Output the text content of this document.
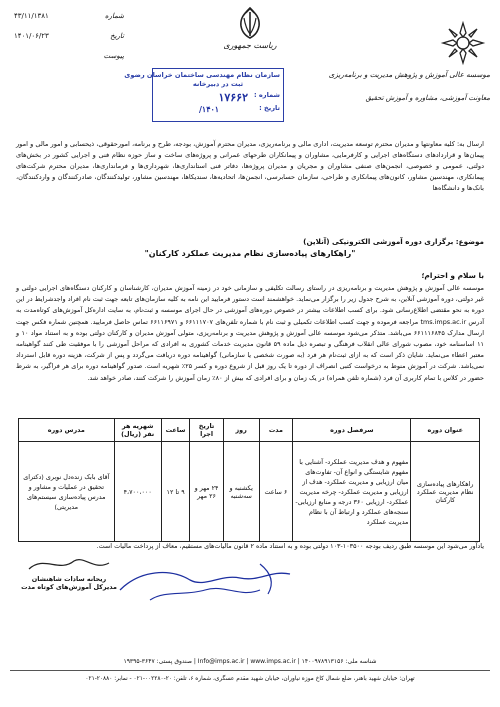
شماره
۴۳/۱۱/۱۳۸۱
تاریخ
۱۴۰۱/۰۶/۲۳
پیوست
ریاست جمهوری
موسسه عالی آموزش و پژوهش مدیریت و برنامه‌ریزی
معاونت آموزشی، مشاوره و آموزش تحقیق
سازمان نظام مهندسی ساختمان خراسان رضوی
ثبت در دبیرخانه
شماره :
۱۷۶۶۲
تاریخ :
۱۴۰۱/
ارسال به: کلیه معاونتها و مدیران محترم توسعه مدیریت، اداری مالی و برنامه‌ریزی، مدیران محترم آموزش، بودجه، طرح و برنامه، امورحقوقی، ذیحسابی و امور مالی و امور پیمان‌ها و قراردادهای دستگاه‌های اجرایی و کارفرمایی، مشاوران و پیمانکاران طرحهای عمرانی و پروژه‌های ساخت و ساز حوزه نظام فنی و اجرایی کشور در بخش‌های دولتی، عمومی و خصوصی، انجمن‌های صنفی مشاوران و مجریان و مدیران پروژه‌ها، دفاتر فنی استانداری‌ها، شهرداری‌ها و فرمانداری‌ها، مدیران محترم شرکت‌های پیمانکاری، مهندسین مشاور، کانون‌های پیمانکاری و طراحی، سازمان حسابرسی، انجمن‌ها، اتحادیه‌ها، سندیکاها، مهندسین مشاور، تولیدکنندگان، صادرکنندگان و واردکنندگان، بانک‌ها و دانشگاه‌ها
موضوع: برگزاری دوره آموزشی الکترونیکی (آنلاین)
"راهکارهای پیاده‌سازی نظام مدیریت عملکرد کارکنان"
با سلام و احترام؛
موسسه عالی آموزش و پژوهش مدیریت و برنامه‌ریزی در راستای رسالت تکلیفی و سازمانی خود در زمینه آموزش مدیران، کارشناسان و کارکنان دستگاه‌های اجرایی دولتی و غیر دولتی، دوره آموزشی آنلاین، به شرح جدول زیر را برگزار می‌نماید. خواهشمند است دستور فرمایید این نامه به کلیه سازمان‌های تابعه جهت ثبت نام افراد واجدشرایط در این دوره به نحو مقتضی اطلاع‌رسانی شود. برای کسب اطلاعات بیشتر در خصوص دوره‌های آموزشی در حال اجرای موسسه و ثبت‌نام، به سایت اداره‌کل آموزش‌های کوتاه‌مدت به آدرس tms.imps.ac.ir مراجعه فرموده و جهت کسب اطلاعات تکمیلی و ثبت نام با شماره تلفن‌های ۶۶۱۱۱۷۰۷ و ۶۶۱۱۶۹۷۱ تماس حاصل فرمایید. همچنین شماره فکس جهت ارسال مدارک ۶۶۱۱۱۶۸۴۵ می‌باشد. متذکر می‌شود موسسه عالی آموزش و پژوهش مدیریت و برنامه‌ریزی، متولی آموزش مدیران و کارکنان دولتی بوده و به استناد مواد ۱۰ و ۱۱ اساسنامه خود، مصوب شورای عالی انقلاب فرهنگی و تبصره ذیل ماده ۵۹ قانون مدیریت خدمات کشوری به افرادی که مراحل آموزشی را با موفقیت طی کنند گواهینامه معتبر اعطاء می‌نماید. شایان ذکر است که به ازای ثبت‌نام هر فرد (به صورت شخصی یا سازمانی) گواهینامه دوره دریافت می‌گردد و پس از شرکت، هزینه دوره قابل استرداد نمی‌باشد. شرکت در آموزش منوط به درخواست کتبی انصراف از دوره تا یک روز قبل از شروع دوره و کسر ۲۵٪ شهریه است. صدور گواهینامه دوره برای هر فراگیر، به شرط حضور در کلاس با تمام کاربری آن فرد (شماره تلفن همراه) در یک زمان و برای افرادی که بیش از ۸۰٪ زمان آموزش را شرکت کنند، صادر خواهد شد.
عنوان دوره	سرفصل دوره	مدت	روز	تاریخ اجرا	ساعت	شهریه هر نفر (ریال)	مدرس دوره
راهکارهای پیاده‌سازی نظام مدیریت عملکرد کارکنان	مفهوم و هدف مدیریت عملکرد- آشنایی با مفهوم شایستگی و انواع آن- تفاوت‌های میان ارزیابی و مدیریت عملکرد- هدف از ارزیابی و مدیریت عملکرد- چرخه مدیریت عملکرد- ارزیابی ۳۶۰ درجه و منابع ارزیابی- سنجه‌های عملکرد و ارتباط آن با نظام مدیریت عملکرد	۶ ساعت	یکشنبه و سه‌شنبه	۲۴ مهر و ۲۶ مهر	۹ تا ۱۲	۴،۷۰۰،۰۰۰	آقای بابک زنده‌دل نوبری (دکترای تحقیق در عملیات و مشاور و مدرس پیاده‌سازی سیستم‌های مدیریتی)
یادآور می‌شود این موسسه طبق ردیف بودجه ۱۰۳۵۰۰-۱۰۳ دولتی بوده و به استناد ماده ۲ قانون مالیات‌های مستقیم، معاف از پرداخت مالیات است.
ریحانه سادات شاهنشان
مدیرکل آموزش‌های کوتاه مدت
شناسه ملی: ۱۴۰۰۹۷۸۹۱۳۱۵۶ | Info@imps.ac.ir | www.imps.ac.ir | صندوق پستی: ۳۶۴۷-۱۹۳۹۵
تهران: خیابان شهید باهنر، ضلع شمال کاخ موزه نیاوران، خیابان شهید مقدم عسگری، شماره ۶، تلفن: ۲۰-۰۰۲۲۸۰-۰۲۱ - نمابر: ۲۰۸۸۰-۰۲۱
